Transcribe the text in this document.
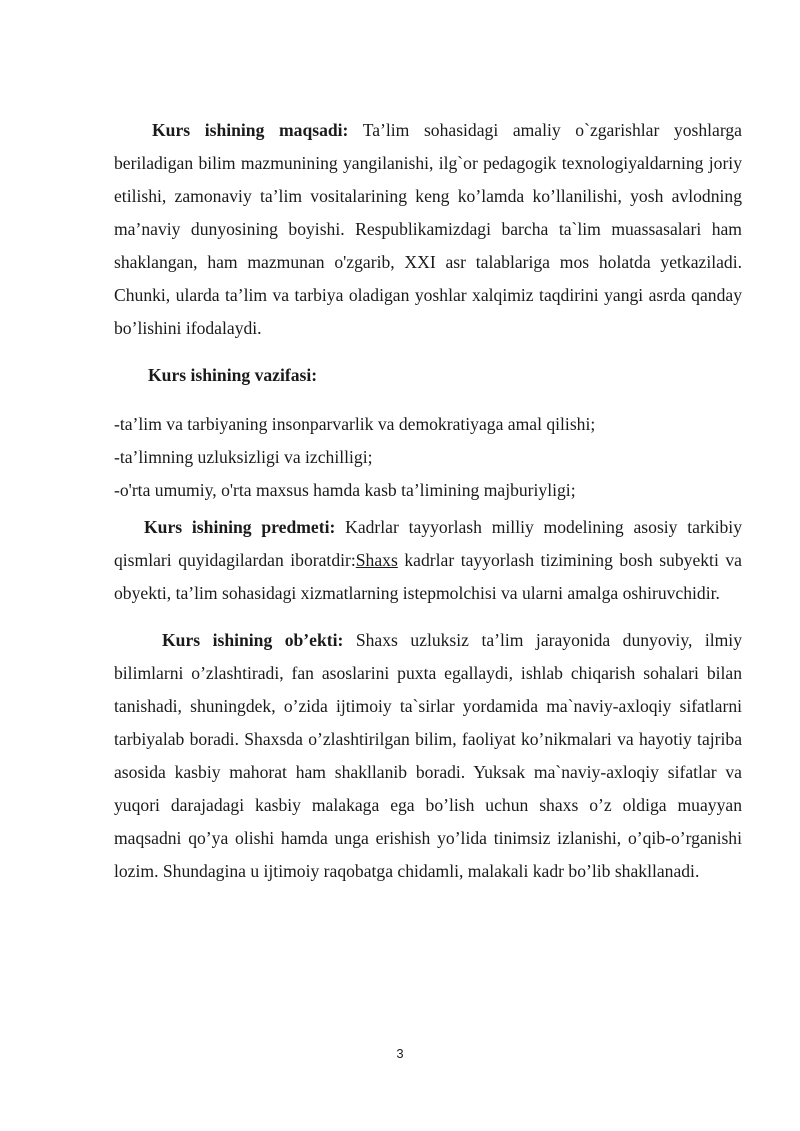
Kurs ishining maqsadi: Ta’lim sohasidagi amaliy o`zgarishlar yoshlarga beriladigan bilim mazmunining yangilanishi, ilg`or pedagogik texnologiyaldarning joriy etilishi, zamonaviy ta’lim vositalarining keng ko’lamda ko’llanilishi, yosh avlodning ma’naviy dunyosining boyishi. Respublikamizdagi barcha ta`lim muassasalari ham shaklangan, ham mazmunan o'zgarib, XXI asr talablariga mos holatda yetkaziladi. Chunki, ularda ta’lim va tarbiya oladigan yoshlar xalqimiz taqdirini yangi asrda qanday bo’lishini ifodalaydi.

Kurs ishining vazifasi:

-ta’lim va tarbiyaning insonparvarlik va demokratiyaga amal qilishi;

-ta’limning uzluksizligi va izchilligi;

-o'rta umumiy, o'rta maxsus hamda kasb ta’limining majburiyligi;

Kurs ishining predmeti: Kadrlar tayyorlash milliy modelining asosiy tarkibiy qismlari quyidagilardan iboratdir:Shaxs kadrlar tayyorlash tizimining bosh subyekti va obyekti, ta’lim sohasidagi xizmatlarning istepmolchisi va ularni amalga oshiruvchidir.

Kurs ishining ob’ekti: Shaxs uzluksiz ta’lim jarayonida dunyoviy, ilmiy bilimlarni o’zlashtiradi, fan asoslarini puxta egallaydi, ishlab chiqarish sohalari bilan tanishadi, shuningdek, o’zida ijtimoiy ta`sirlar yordamida ma`naviy-axloqiy sifatlarni tarbiyalab boradi. Shaxsda o’zlashtirilgan bilim, faoliyat ko’nikmalari va hayotiy tajriba asosida kasbiy mahorat ham shakllanib boradi. Yuksak ma`naviy-axloqiy sifatlar va yuqori darajadagi kasbiy malakaga ega bo’lish uchun shaxs o’z oldiga muayyan maqsadni qo’ya olishi hamda unga erishish yo’lida tinimsiz izlanishi, o’qib-o’rganishi lozim. Shundagina u ijtimoiy raqobatga chidamli, malakali kadr bo’lib shakllanadi.

3
